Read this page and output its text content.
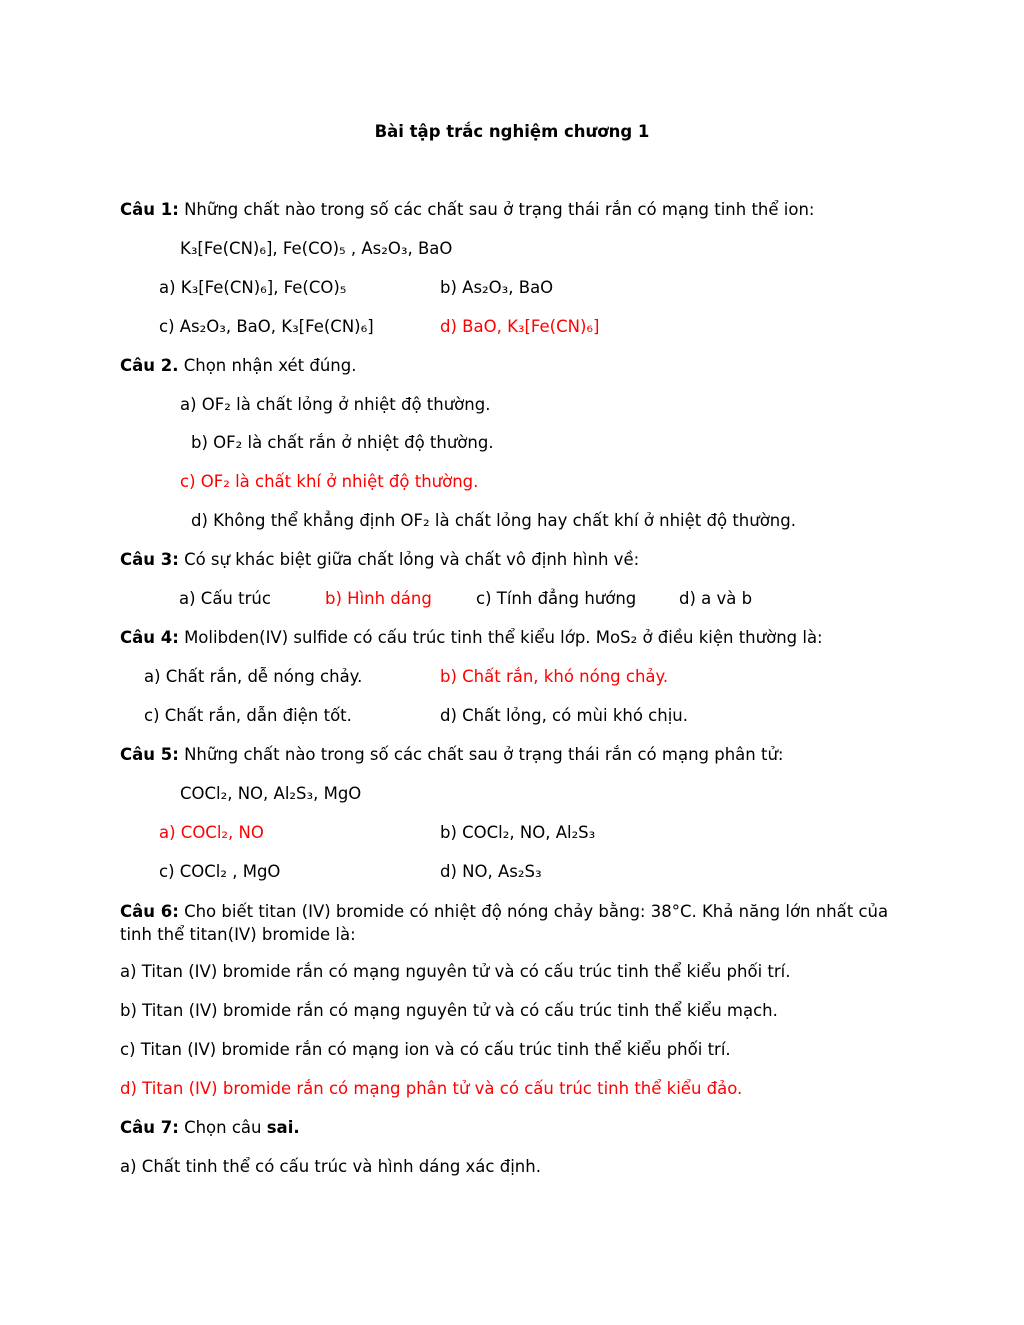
Bài tập trắc nghiệm chương 1
Câu 1: Những chất nào trong số các chất sau ở trạng thái rắn có mạng tinh thể ion:
K₃[Fe(CN)₆], Fe(CO)₅ , As₂O₃, BaO
a) K₃[Fe(CN)₆], Fe(CO)₅	b) As₂O₃, BaO
c) As₂O₃, BaO, K₃[Fe(CN)₆]	d) BaO, K₃[Fe(CN)₆]
Câu 2. Chọn nhận xét đúng.
a) OF₂ là chất lỏng ở nhiệt độ thường.
b) OF₂ là chất rắn ở nhiệt độ thường.
c) OF₂ là chất khí ở nhiệt độ thường.
d) Không thể khẳng định OF₂ là chất lỏng hay chất khí ở nhiệt độ thường.
Câu 3: Có sự khác biệt giữa chất lỏng và chất vô định hình về:
a) Cấu trúc	b) Hình dáng	c) Tính đẳng hướng	d) a và b
Câu 4: Molibden(IV) sulfide có cấu trúc tinh thể kiểu lớp. MoS₂ ở điều kiện thường là:
a) Chất rắn, dễ nóng chảy.	b) Chất rắn, khó nóng chảy.
c) Chất rắn, dẫn điện tốt.	d) Chất lỏng, có mùi khó chịu.
Câu 5: Những chất nào trong số các chất sau ở trạng thái rắn có mạng phân tử:
COCl₂, NO, Al₂S₃, MgO
a) COCl₂, NO	b) COCl₂, NO, Al₂S₃
c) COCl₂ , MgO	d) NO, As₂S₃
Câu 6: Cho biết titan (IV) bromide có nhiệt độ nóng chảy bằng: 38°C. Khả năng lớn nhất của tinh thể titan(IV) bromide là:
a) Titan (IV) bromide rắn có mạng nguyên tử và có cấu trúc tinh thể kiểu phối trí.
b) Titan (IV) bromide rắn có mạng nguyên tử và có cấu trúc tinh thể kiểu mạch.
c) Titan (IV) bromide rắn có mạng ion và có cấu trúc tinh thể kiểu phối trí.
d) Titan (IV) bromide rắn có mạng phân tử và có cấu trúc tinh thể kiểu đảo.
Câu 7: Chọn câu sai.
a) Chất tinh thể có cấu trúc và hình dáng xác định.
